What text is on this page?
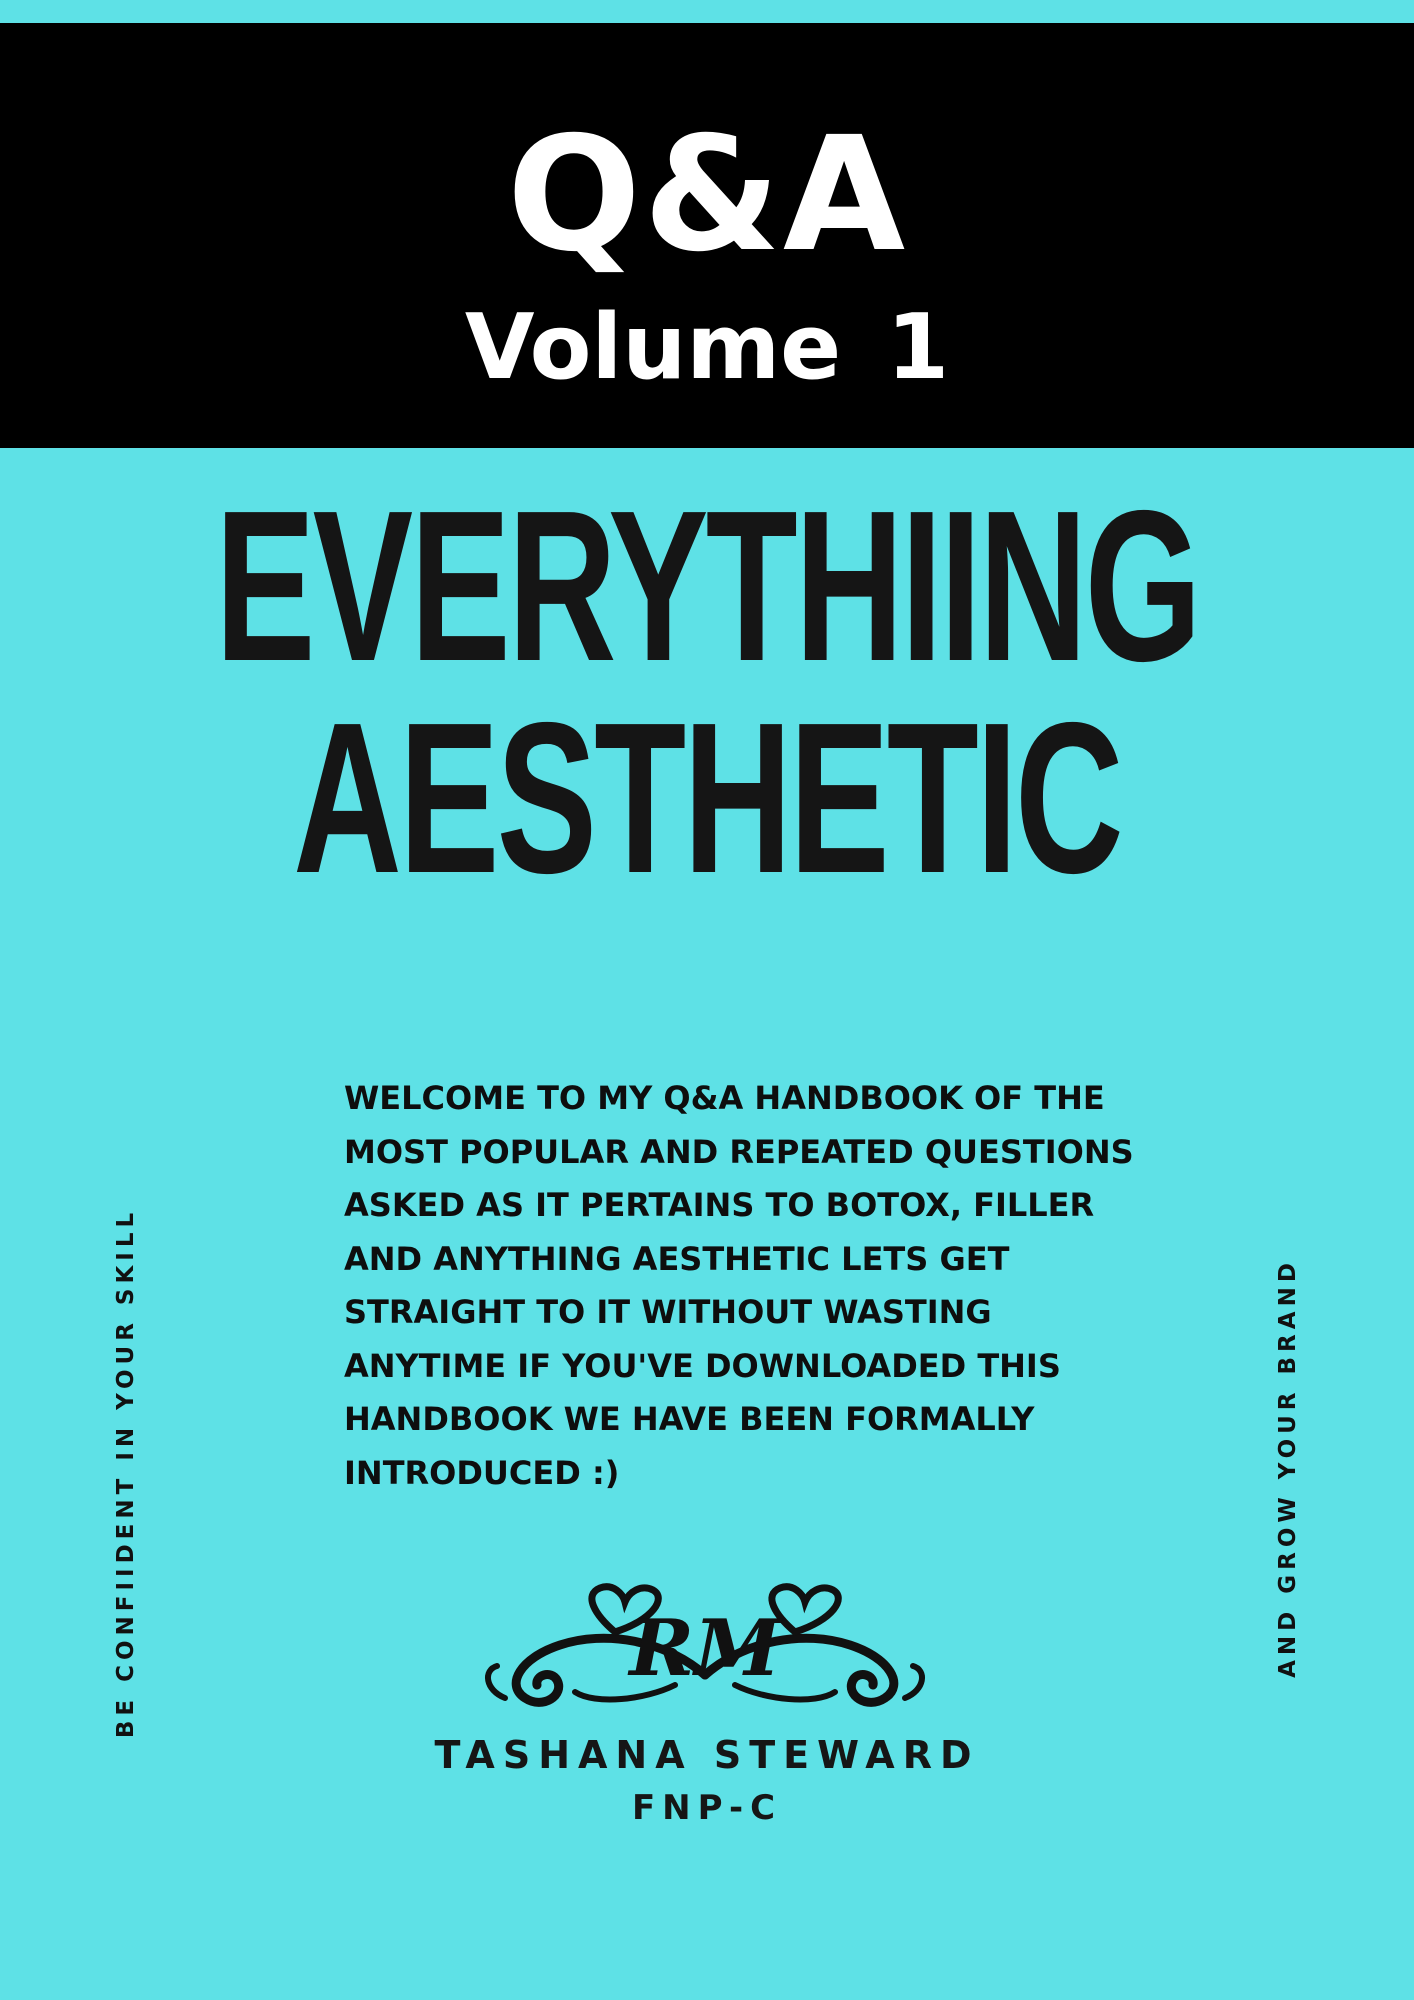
Q&A
Volume 1
EVERYTHIING
AESTHETIC

WELCOME TO MY Q&A HANDBOOK OF THE
MOST POPULAR AND REPEATED QUESTIONS
ASKED AS IT PERTAINS TO BOTOX, FILLER
AND ANYTHING AESTHETIC LETS GET
STRAIGHT TO IT WITHOUT WASTING
ANYTIME IF YOU'VE DOWNLOADED THIS
HANDBOOK WE HAVE BEEN FORMALLY
INTRODUCED :)

BE CONFIIDENT IN YOUR SKILL	AND GROW YOUR BRAND
RM
TASHANA STEWARD
FNP-C
